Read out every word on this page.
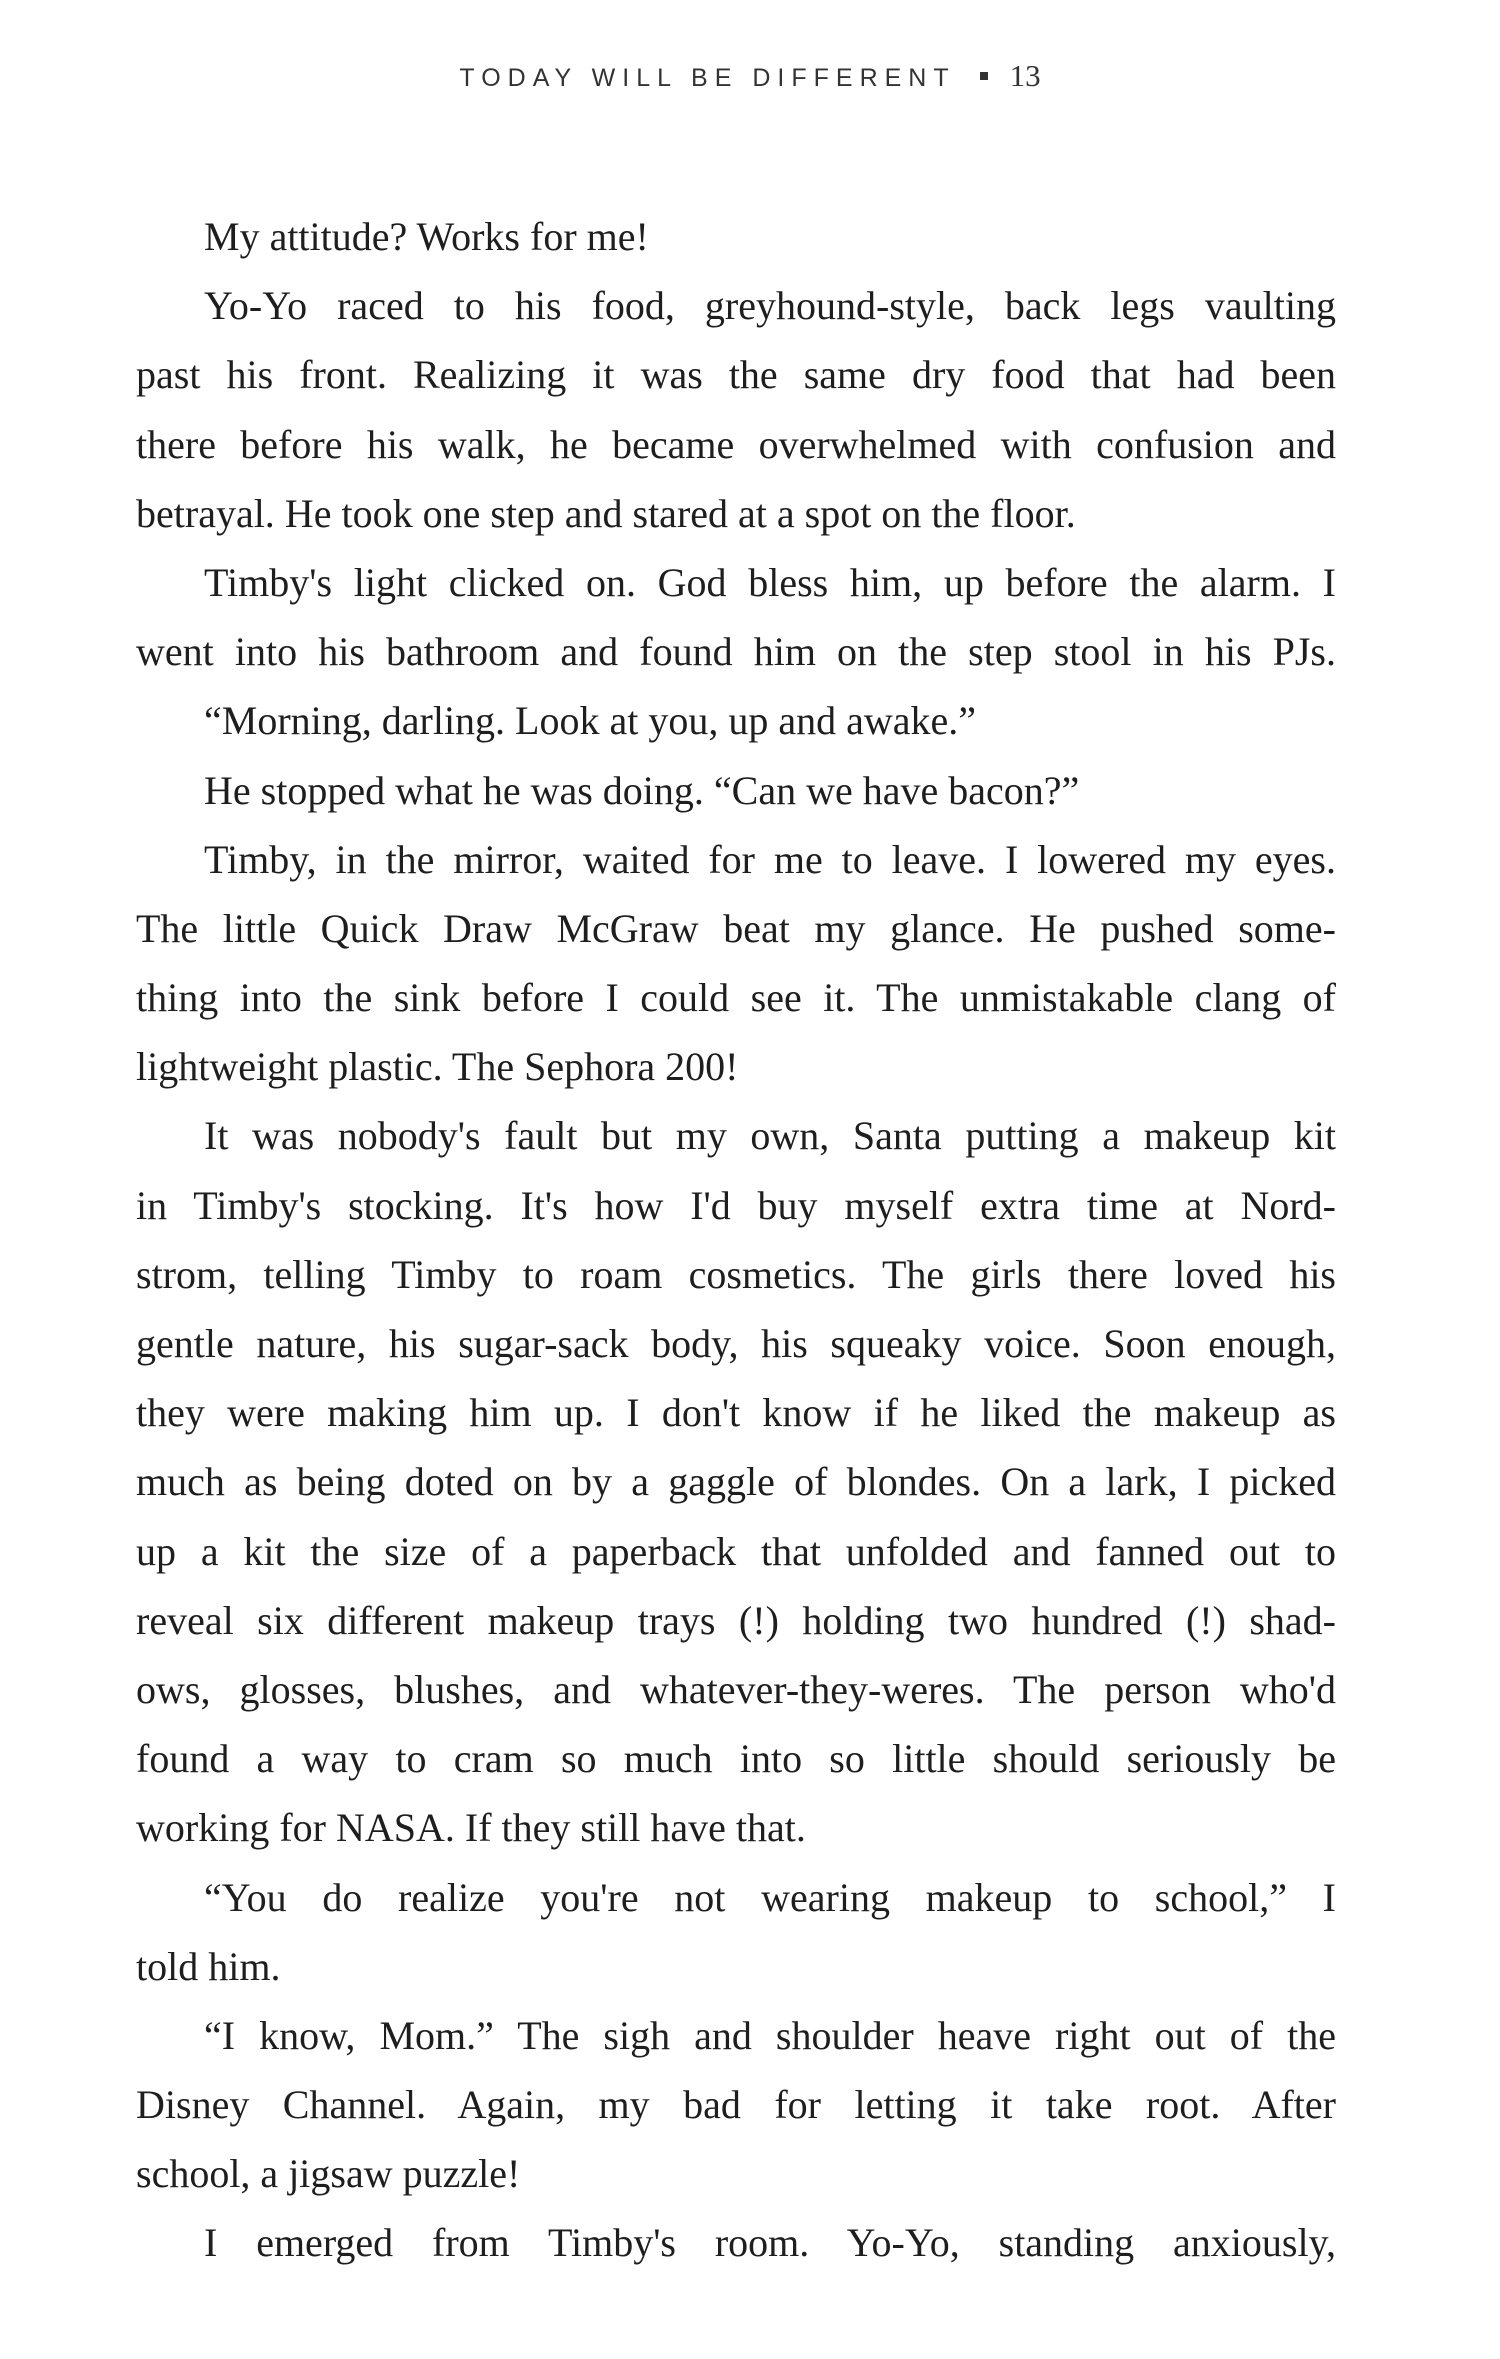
TODAY WILL BE DIFFERENT 13
My attitude? Works for me!
Yo-Yo raced to his food, greyhound-style, back legs vaulting
past his front. Realizing it was the same dry food that had been
there before his walk, he became overwhelmed with confusion and
betrayal. He took one step and stared at a spot on the floor.
Timby's light clicked on. God bless him, up before the alarm. I
went into his bathroom and found him on the step stool in his PJs.
“Morning, darling. Look at you, up and awake.”
He stopped what he was doing. “Can we have bacon?”
Timby, in the mirror, waited for me to leave. I lowered my eyes.
The little Quick Draw McGraw beat my glance. He pushed some-
thing into the sink before I could see it. The unmistakable clang of
lightweight plastic. The Sephora 200!
It was nobody's fault but my own, Santa putting a makeup kit
in Timby's stocking. It's how I'd buy myself extra time at Nord-
strom, telling Timby to roam cosmetics. The girls there loved his
gentle nature, his sugar-sack body, his squeaky voice. Soon enough,
they were making him up. I don't know if he liked the makeup as
much as being doted on by a gaggle of blondes. On a lark, I picked
up a kit the size of a paperback that unfolded and fanned out to
reveal six different makeup trays (!) holding two hundred (!) shad-
ows, glosses, blushes, and whatever-they-weres. The person who'd
found a way to cram so much into so little should seriously be
working for NASA. If they still have that.
“You do realize you're not wearing makeup to school,” I
told him.
“I know, Mom.” The sigh and shoulder heave right out of the
Disney Channel. Again, my bad for letting it take root. After
school, a jigsaw puzzle!
I emerged from Timby's room. Yo-Yo, standing anxiously,
